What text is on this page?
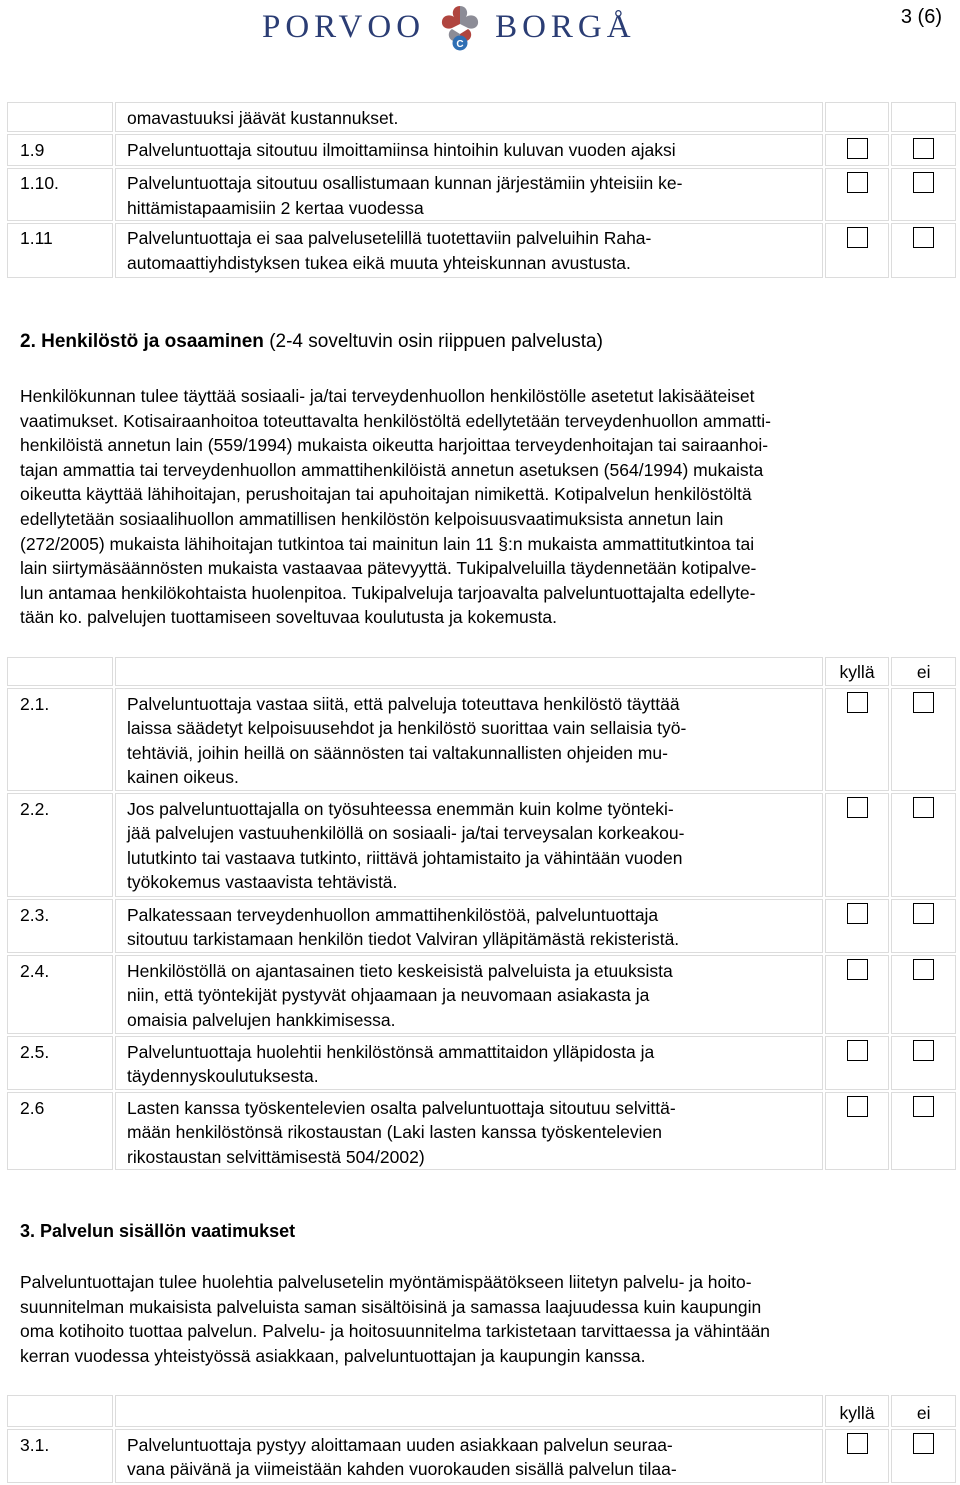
PORVOO	C BORGÅ	3 (6)
	omavastuuksi jäävät kustannukset.		
1.9	Palveluntuottaja sitoutuu ilmoittamiinsa hintoihin kuluvan vuoden ajaksi		
1.10.	Palveluntuottaja sitoutuu osallistumaan kunnan järjestämiin yhteisiin ke-
hittämistapaamisiin 2 kertaa vuodessa		
1.11	Palveluntuottaja ei saa palvelusetelillä tuotettaviin palveluihin Raha-
automaattiyhdistyksen tukea eikä muuta yhteiskunnan avustusta.		
2. Henkilöstö ja osaaminen (2-4 soveltuvin osin riippuen palvelusta)
Henkilökunnan tulee täyttää sosiaali- ja/tai terveydenhuollon henkilöstölle asetetut lakisääteiset
vaatimukset. Kotisairaanhoitoa toteuttavalta henkilöstöltä edellytetään terveydenhuollon ammatti-
henkilöistä annetun lain (559/1994) mukaista oikeutta harjoittaa terveydenhoitajan tai sairaanhoi-
tajan ammattia tai terveydenhuollon ammattihenkilöistä annetun asetuksen (564/1994) mukaista
oikeutta käyttää lähihoitajan, perushoitajan tai apuhoitajan nimikettä. Kotipalvelun henkilöstöltä
edellytetään sosiaalihuollon ammatillisen henkilöstön kelpoisuusvaatimuksista annetun lain
(272/2005) mukaista lähihoitajan tutkintoa tai mainitun lain 11 §:n mukaista ammattitutkintoa tai
lain siirtymäsäännösten mukaista vastaavaa pätevyyttä. Tukipalveluilla täydennetään kotipalve-
lun antamaa henkilökohtaista huolenpitoa. Tukipalveluja tarjoavalta palveluntuottajalta edellyte-
tään ko. palvelujen tuottamiseen soveltuvaa koulutusta ja kokemusta.
		kyllä	ei
2.1.	Palveluntuottaja vastaa siitä, että palveluja toteuttava henkilöstö täyttää
laissa säädetyt kelpoisuusehdot ja henkilöstö suorittaa vain sellaisia työ-
tehtäviä, joihin heillä on säännösten tai valtakunnallisten ohjeiden mu-
kainen oikeus.		
2.2.	Jos palveluntuottajalla on työsuhteessa enemmän kuin kolme työnteki-
jää palvelujen vastuuhenkilöllä on sosiaali- ja/tai terveysalan korkeakou-
lututkinto tai vastaava tutkinto, riittävä johtamistaito ja vähintään vuoden
työkokemus vastaavista tehtävistä.		
2.3.	Palkatessaan terveydenhuollon ammattihenkilöstöä, palveluntuottaja
sitoutuu tarkistamaan henkilön tiedot Valviran ylläpitämästä rekisteristä.		
2.4.	Henkilöstöllä on ajantasainen tieto keskeisistä palveluista ja etuuksista
niin, että työntekijät pystyvät ohjaamaan ja neuvomaan asiakasta ja
omaisia palvelujen hankkimisessa.		
2.5.	Palveluntuottaja huolehtii henkilöstönsä ammattitaidon ylläpidosta ja
täydennyskoulutuksesta.		
2.6	Lasten kanssa työskentelevien osalta palveluntuottaja sitoutuu selvittä-
mään henkilöstönsä rikostaustan (Laki lasten kanssa työskentelevien
rikostaustan selvittämisestä 504/2002)		
3. Palvelun sisällön vaatimukset
Palveluntuottajan tulee huolehtia palvelusetelin myöntämispäätökseen liitetyn palvelu- ja hoito-
suunnitelman mukaisista palveluista saman sisältöisinä ja samassa laajuudessa kuin kaupungin
oma kotihoito tuottaa palvelun. Palvelu- ja hoitosuunnitelma tarkistetaan tarvittaessa ja vähintään
kerran vuodessa yhteistyössä asiakkaan, palveluntuottajan ja kaupungin kanssa.
		kyllä	ei
3.1.	Palveluntuottaja pystyy aloittamaan uuden asiakkaan palvelun seuraa-
vana päivänä ja viimeistään kahden vuorokauden sisällä palvelun tilaa-		
